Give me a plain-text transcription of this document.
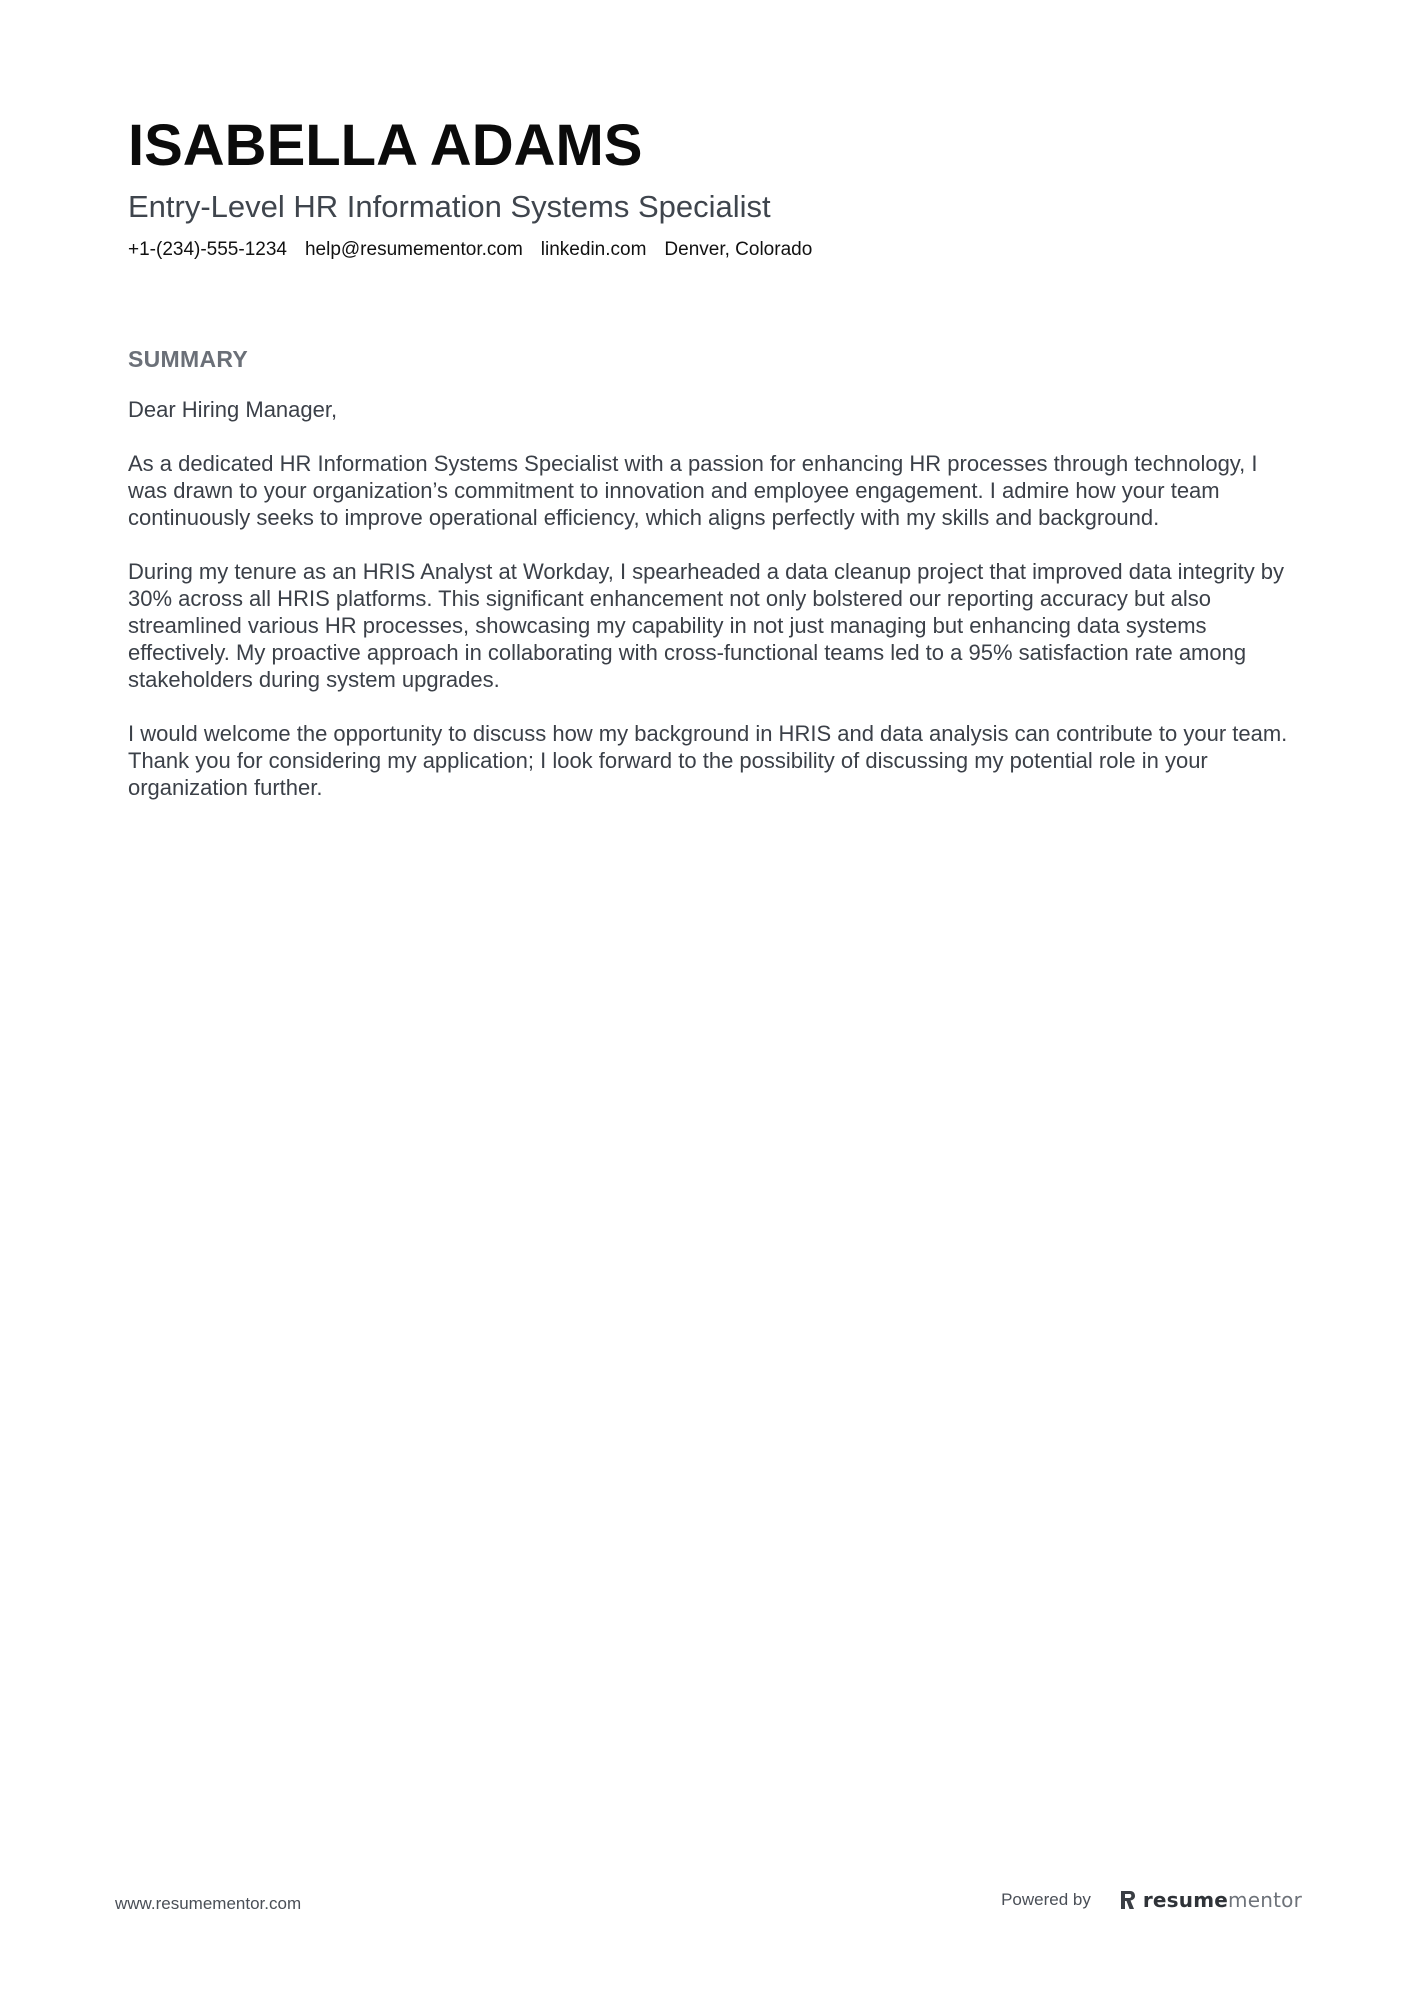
ISABELLA ADAMS
Entry-Level HR Information Systems Specialist
+1-(234)-555-1234 help@resumementor.com linkedin.com Denver, Colorado
SUMMARY

Dear Hiring Manager,

As a dedicated HR Information Systems Specialist with a passion for enhancing HR processes through technology, I was drawn to your organization’s commitment to innovation and employee engagement. I admire how your team continuously seeks to improve operational efficiency, which aligns perfectly with my skills and background.

During my tenure as an HRIS Analyst at Workday, I spearheaded a data cleanup project that improved data integrity by 30% across all HRIS platforms. This significant enhancement not only bolstered our reporting accuracy but also streamlined various HR processes, showcasing my capability in not just managing but enhancing data systems effectively. My proactive approach in collaborating with cross-functional teams led to a 95% satisfaction rate among stakeholders during system upgrades.

I would welcome the opportunity to discuss how my background in HRIS and data analysis can contribute to your team. Thank you for considering my application; I look forward to the possibility of discussing my potential role in your organization further.

www.resumementor.com	Powered by	resumementor
